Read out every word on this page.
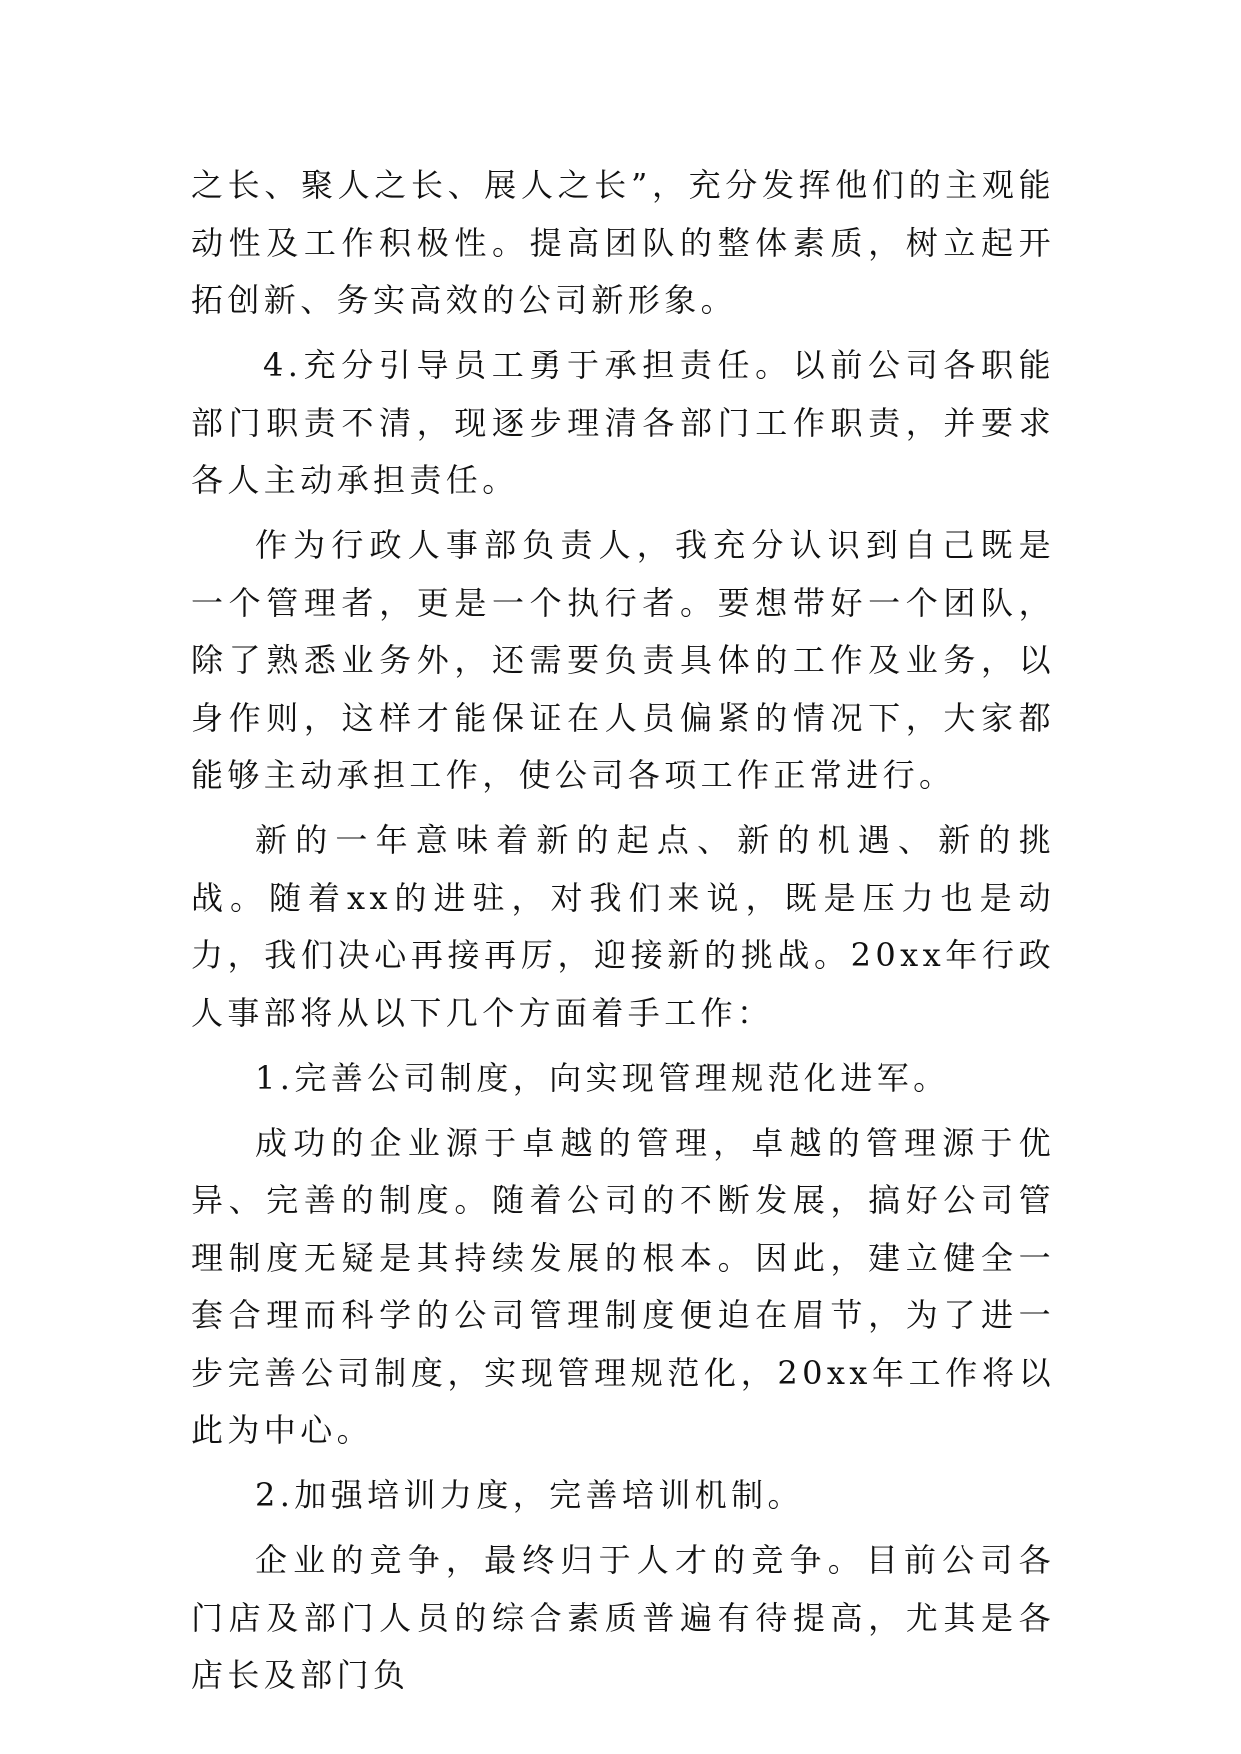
之长、聚人之长、展人之长”，充分发挥他们的主观能动性及工作积极性。提高团队的整体素质，树立起开拓创新、务实高效的公司新形象。

4.充分引导员工勇于承担责任。以前公司各职能部门职责不清，现逐步理清各部门工作职责，并要求各人主动承担责任。

作为行政人事部负责人，我充分认识到自己既是一个管理者，更是一个执行者。要想带好一个团队，除了熟悉业务外，还需要负责具体的工作及业务，以身作则，这样才能保证在人员偏紧的情况下，大家都能够主动承担工作，使公司各项工作正常进行。

新的一年意味着新的起点、新的机遇、新的挑战。随着xx的进驻，对我们来说，既是压力也是动力，我们决心再接再厉，迎接新的挑战。20xx年行政人事部将从以下几个方面着手工作：

1.完善公司制度，向实现管理规范化进军。

成功的企业源于卓越的管理，卓越的管理源于优异、完善的制度。随着公司的不断发展，搞好公司管理制度无疑是其持续发展的根本。因此，建立健全一套合理而科学的公司管理制度便迫在眉节，为了进一步完善公司制度，实现管理规范化，20xx年工作将以此为中心。

2.加强培训力度，完善培训机制。

企业的竞争，最终归于人才的竞争。目前公司各门店及部门人员的综合素质普遍有待提高，尤其是各店长及部门负
